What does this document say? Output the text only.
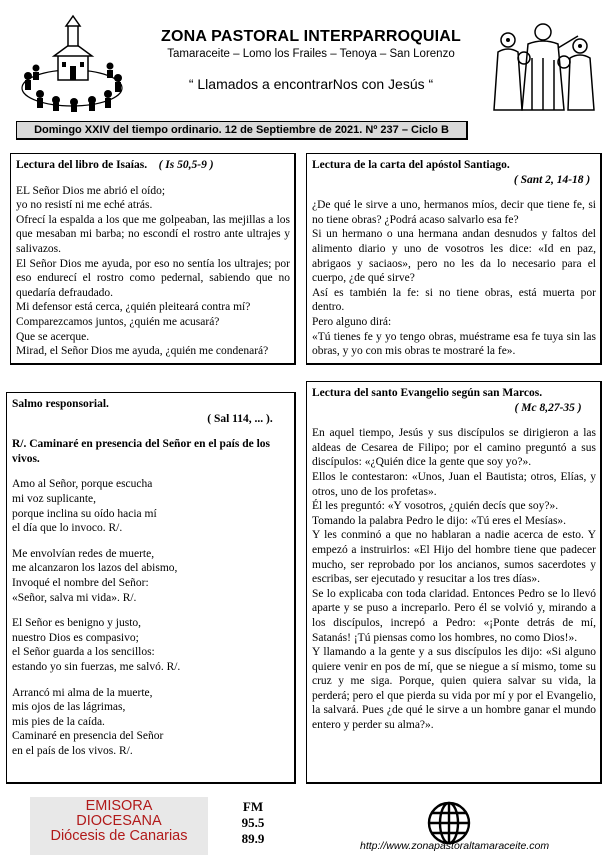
ZONA PASTORAL INTERPARROQUIAL
Tamaraceite – Lomo los Frailes – Tenoya – San Lorenzo
“ Llamados a encontrarNos con Jesús “
Domingo XXIV del tiempo ordinario. 12 de Septiembre de 2021. Nº 237 – Ciclo B

Lectura del libro de Isaías. ( Is 50,5-9 )

EL Señor Dios me abrió el oído;

yo no resistí ni me eché atrás.

Ofrecí la espalda a los que me golpeaban, las mejillas a los que mesaban mi barba; no escondí el rostro ante ultrajes y salivazos.

El Señor Dios me ayuda, por eso no sentía los ultrajes; por eso endurecí el rostro como pedernal, sabiendo que no quedaría defraudado.

Mi defensor está cerca, ¿quién pleiteará contra mí?

Comparezcamos juntos, ¿quién me acusará?

Que se acerque.

Mirad, el Señor Dios me ayuda, ¿quién me condenará?

Lectura de la carta del apóstol Santiago.

( Sant 2, 14-18 )

¿De qué le sirve a uno, hermanos míos, decir que tiene fe, si no tiene obras? ¿Podrá acaso salvarlo esa fe?

Si un hermano o una hermana andan desnudos y faltos del alimento diario y uno de vosotros les dice: «Id en paz, abrigaos y saciaos», pero no les da lo necesario para el cuerpo, ¿de qué sirve?

Así es también la fe: si no tiene obras, está muerta por dentro.

Pero alguno dirá:

«Tú tienes fe y yo tengo obras, muéstrame esa fe tuya sin las obras, y yo con mis obras te mostraré la fe».

Salmo responsorial.

( Sal 114, ... ).

R/. Caminaré en presencia del Señor en el país de los vivos.

Amo al Señor, porque escucha

mi voz suplicante,

porque inclina su oído hacia mí

el día que lo invoco. R/.

Me envolvían redes de muerte,

me alcanzaron los lazos del abismo,

Invoqué el nombre del Señor:

«Señor, salva mi vida». R/.

El Señor es benigno y justo,

nuestro Dios es compasivo;

el Señor guarda a los sencillos:

estando yo sin fuerzas, me salvó. R/.

Arrancó mi alma de la muerte,

mis ojos de las lágrimas,

mis pies de la caída.

Caminaré en presencia del Señor

en el país de los vivos. R/.

Lectura del santo Evangelio según san Marcos.

( Mc 8,27-35 )

En aquel tiempo, Jesús y sus discípulos se dirigieron a las aldeas de Cesarea de Filipo; por el camino preguntó a sus discípulos: «¿Quién dice la gente que soy yo?».

Ellos le contestaron: «Unos, Juan el Bautista; otros, Elías, y otros, uno de los profetas».

Él les preguntó: «Y vosotros, ¿quién decís que soy?».

Tomando la palabra Pedro le dijo: «Tú eres el Mesías».

Y les conminó a que no hablaran a nadie acerca de esto. Y empezó a instruirlos: «El Hijo del hombre tiene que padecer mucho, ser reprobado por los ancianos, sumos sacerdotes y escribas, ser ejecutado y resucitar a los tres días».

Se lo explicaba con toda claridad. Entonces Pedro se lo llevó aparte y se puso a increparlo. Pero él se volvió y, mirando a los discípulos, increpó a Pedro: «¡Ponte detrás de mí, Satanás! ¡Tú piensas como los hombres, no como Dios!».

Y llamando a la gente y a sus discípulos les dijo: «Si alguno quiere venir en pos de mí, que se niegue a sí mismo, tome su cruz y me siga. Porque, quien quiera salvar su vida, la perderá; pero el que pierda su vida por mí y por el Evangelio, la salvará. Pues ¿de qué le sirve a un hombre ganar el mundo entero y perder su alma?».

EMISORA
DIOCESANA
Diócesis de Canarias
FM
95.5
89.9	http://www.zonapastoraltamaraceite.com
